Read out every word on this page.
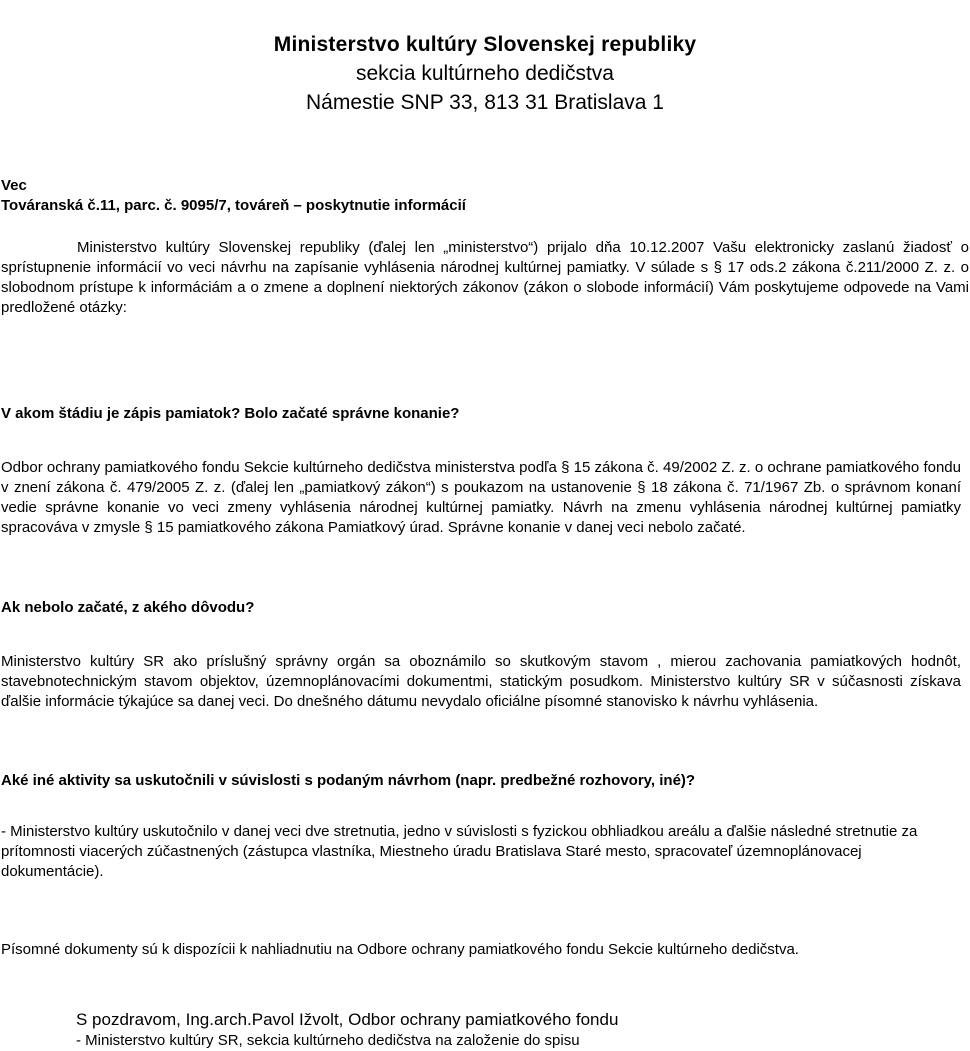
Ministerstvo kultúry Slovenskej republiky
sekcia kultúrneho dedičstva
Námestie SNP 33, 813 31 Bratislava 1
Vec
Továranská č.11, parc. č. 9095/7, továreň – poskytnutie informácií
Ministerstvo kultúry Slovenskej republiky (ďalej len „ministerstvo“) prijalo dňa 10.12.2007 Vašu elektronicky zaslanú žiadosť o sprístupnenie informácií vo veci návrhu na zapísanie vyhlásenia národnej kultúrnej pamiatky. V súlade s § 17 ods.2 zákona č.211/2000 Z. z. o slobodnom prístupe k informáciám a o zmene a doplnení niektorých zákonov (zákon o slobode informácií) Vám poskytujeme odpovede na Vami predložené otázky:
V akom štádiu je zápis pamiatok? Bolo začaté správne konanie?
Odbor ochrany pamiatkového fondu Sekcie kultúrneho dedičstva ministerstva podľa § 15 zákona č. 49/2002 Z. z. o ochrane pamiatkového fondu v znení zákona č. 479/2005 Z. z. (ďalej len „pamiatkový zákon“) s poukazom na ustanovenie § 18 zákona č. 71/1967 Zb. o správnom konaní vedie správne konanie vo veci zmeny vyhlásenia národnej kultúrnej pamiatky. Návrh na zmenu vyhlásenia národnej kultúrnej pamiatky spracováva v zmysle § 15 pamiatkového zákona Pamiatkový úrad. Správne konanie v danej veci nebolo začaté.
Ak nebolo začaté, z akého dôvodu?
Ministerstvo kultúry SR ako príslušný správny orgán sa oboznámilo so skutkovým stavom , mierou zachovania pamiatkových hodnôt, stavebnotechnickým stavom objektov, územnoplánovacími dokumentmi, statickým posudkom. Ministerstvo kultúry SR v súčasnosti získava ďalšie informácie týkajúce sa danej veci. Do dnešného dátumu nevydalo oficiálne písomné stanovisko k návrhu vyhlásenia.
Aké iné aktivity sa uskutočnili v súvislosti s podaným návrhom (napr. predbežné rozhovory, iné)?
- Ministerstvo kultúry uskutočnilo v danej veci dve stretnutia, jedno v súvislosti s fyzickou obhliadkou areálu a ďalšie následné stretnutie za prítomnosti viacerých zúčastnených (zástupca vlastníka, Miestneho úradu Bratislava Staré mesto, spracovateľ územnoplánovacej dokumentácie).
Písomné dokumenty sú k dispozícii k nahliadnutiu na Odbore ochrany pamiatkového fondu Sekcie kultúrneho dedičstva.
S pozdravom, Ing.arch.Pavol Ižvolt, Odbor ochrany pamiatkového fondu
- Ministerstvo kultúry SR, sekcia kultúrneho dedičstva na založenie do spisu
